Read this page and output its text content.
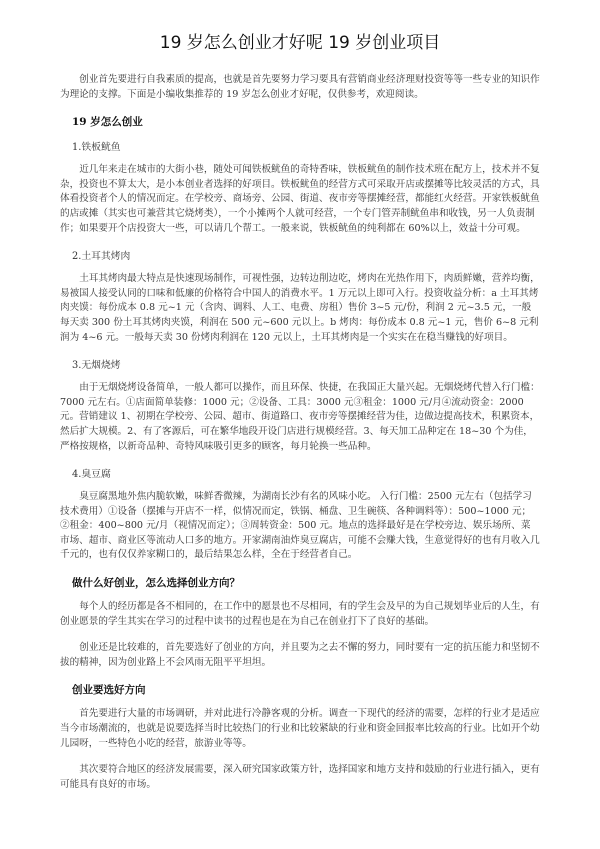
19 岁怎么创业才好呢 19 岁创业项目

创业首先要进行自我素质的提高，也就是首先要努力学习要具有营销商业经济理财投资等等一些专业的知识作为理论的支撑。下面是小编收集推荐的 19 岁怎么创业才好呢，仅供参考，欢迎阅读。

19 岁怎么创业
1.铁板鱿鱼

近几年来走在城市的大街小巷，随处可闻铁板鱿鱼的奇特香味，铁板鱿鱼的制作技术班在配方上，技术并不复杂，投资也不算太大，是小本创业者选择的好项目。铁板鱿鱼的经营方式可采取开店或摆摊等比较灵活的方式，具体看投资者个人的情况而定。在学校旁、商场旁、公园、街道、夜市旁等摆摊经营，都能红火经营。开家铁板鱿鱼的店或摊（其实也可兼营其它烧烤类），一个小摊两个人就可经营，一个专门管弄制鱿鱼串和收钱，另一人负责制作；如果要开个店投资大一些，可以请几个帮工。一般来说，铁板鱿鱼的纯利都在 60%以上，效益十分可观。

2.土耳其烤肉

土耳其烤肉最大特点是快速现场制作，可视性强，边转边削边吃，烤肉在光热作用下，肉质鲜嫩，营养均衡，易被国人接受认同的口味和低廉的价格符合中国人的消费水平。1 万元以上即可入行。投资收益分析：a 土耳其烤肉夹馍：每份成本 0.8 元~1 元（含肉、调料、人工、电费、房租）售价 3~5 元/份，利润 2 元~3.5 元，一般每天卖 300 份土耳其烤肉夹馍，利润在 500 元~600 元以上。b 烤肉：每份成本 0.8 元~1 元，售价 6~8 元利润为 4~6 元。一般每天卖 30 份烤肉利润在 120 元以上，土耳其烤肉是一个实实在在稳当赚钱的好项目。

3.无烟烧烤

由于无烟烧烤设备简单，一般人都可以操作，而且环保、快捷，在我国正大量兴起。无烟烧烤代替入行门槛：7000 元左右。①店面简单装修：1000 元；②设备、工具：3000 元③租金：1000 元/月④流动资金：2000 元。营销建议 1、初期在学校旁、公园、超市、街道路口、夜市旁等摆摊经营为佳，边做边提高技术，积累资本，然后扩大规模。2、有了客源后，可在繁华地段开设门店进行规模经营。3、每天加工品种定在 18~30 个为佳，严格按规格，以新奇品种、奇特风味吸引更多的顾客，每月轮换一些品种。

4.臭豆腐

臭豆腐黑地外焦内脆软嫩，味鲜香微辣，为湖南长沙有名的风味小吃。 入行门槛：2500 元左右（包括学习技术费用）①设备（摆摊与开店不一样，似情况而定，铁锅、桶盘、卫生碗筷、各种调料等）：500~1000 元；②租金：400~800 元/月（视情况而定）；③周转资金：500 元。地点的选择最好是在学校旁边、娱乐场所、菜市场、超市、商业区等流动人口多的地方。开家湖南油炸臭豆腐店，可能不会赚大钱，生意觉得好的也有月收入几千元的，也有仅仅养家糊口的，最后结果怎么样，全在于经营者自己。

做什么好创业，怎么选择创业方向？

每个人的经历都是各不相同的，在工作中的愿景也不尽相同，有的学生会及早的为自己规划毕业后的人生，有创业愿景的学生其实在学习的过程中读书的过程也是在为自己在创业打下了良好的基础。

创业还是比较难的，首先要选好了创业的方向，并且要为之去不懈的努力，同时要有一定的抗压能力和坚韧不拔的精神，因为创业路上不会风雨无阻平平坦坦。

创业要选好方向

首先要进行大量的市场调研，并对此进行冷静客观的分析。调查一下现代的经济的需要，怎样的行业才是适应当今市场潮流的，也就是说要选择当时比较热门的行业和比较紧缺的行业和资金回报率比较高的行业。比如开个幼儿园呀，一些特色小吃的经营，旅游业等等。

其次要符合地区的经济发展需要，深入研究国家政策方针，选择国家和地方支持和鼓励的行业进行插入，更有可能具有良好的市场。
